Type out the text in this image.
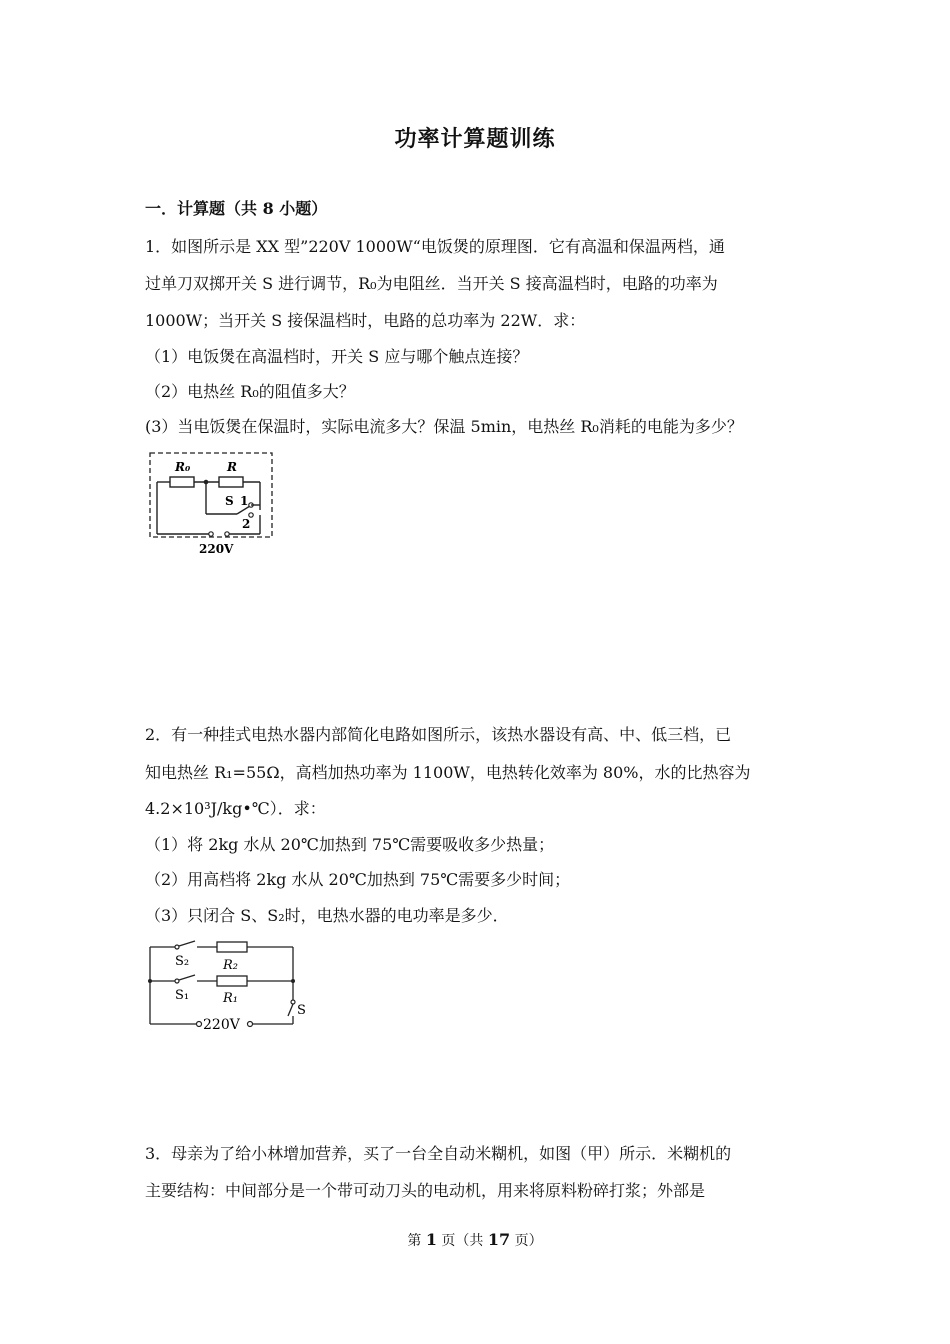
功率计算题训练
一．计算题（共 8 小题）
1．如图所示是 XX 型”220V 1000W“电饭煲的原理图．它有高温和保温两档，通
过单刀双掷开关 S 进行调节，R₀为电阻丝．当开关 S 接高温档时，电路的功率为
1000W；当开关 S 接保温档时，电路的总功率为 22W．求：
（1）电饭煲在高温档时，开关 S 应与哪个触点连接？
（2）电热丝 R₀的阻值多大？
(3）当电饭煲在保温时，实际电流多大？保温 5min，电热丝 R₀消耗的电能为多少？
R₀	R
S 1
2
220V
2．有一种挂式电热水器内部简化电路如图所示，该热水器设有高、中、低三档，已
知电热丝 R₁=55Ω，高档加热功率为 1100W，电热转化效率为 80%，水的比热容为
4.2×10³J/kg•℃）．求：
（1）将 2kg 水从 20℃加热到 75℃需要吸收多少热量；
（2）用高档将 2kg 水从 20℃加热到 75℃需要多少时间；
（3）只闭合 S、S₂时，电热水器的电功率是多少．
S₂	R₂
S₁	R₁
S
220V
3．母亲为了给小林增加营养，买了一台全自动米糊机，如图（甲）所示．米糊机的
主要结构：中间部分是一个带可动刀头的电动机，用来将原料粉碎打浆；外部是
第 1 页（共 17 页）
